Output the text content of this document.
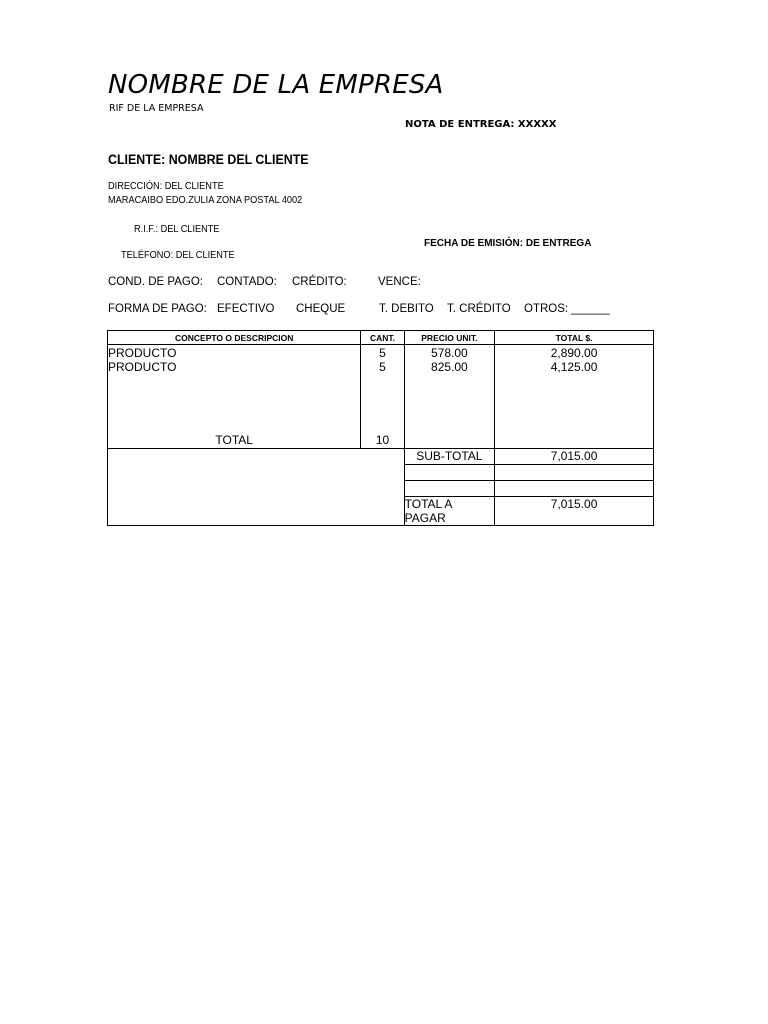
NOMBRE DE LA EMPRESA
RIF DE LA EMPRESA
NOTA DE ENTREGA: XXXXX
CLIENTE: NOMBRE DEL CLIENTE
DIRECCIÓN: DEL CLIENTE
MARACAIBO EDO.ZULIA ZONA POSTAL 4002
R.I.F.: DEL CLIENTE
FECHA DE EMISIÓN: DE ENTREGA
TELÉFONO: DEL CLIENTE
COND. DE PAGO: CONTADO: CRÉDITO:	VENCE:
FORMA DE PAGO: EFECTIVO CHEQUE	T. DEBITO T. CRÉDITO OTROS: ______
CONCEPTO O DESCRIPCION	CANT.	PRECIO UNIT.	TOTAL $.
PRODUCTO	5	578.00	2,890.00
PRODUCTO	5	825.00	4,125.00

TOTAL	10		
		SUB-TOTAL	7,015.00

		TOTAL A PAGAR	7,015.00
